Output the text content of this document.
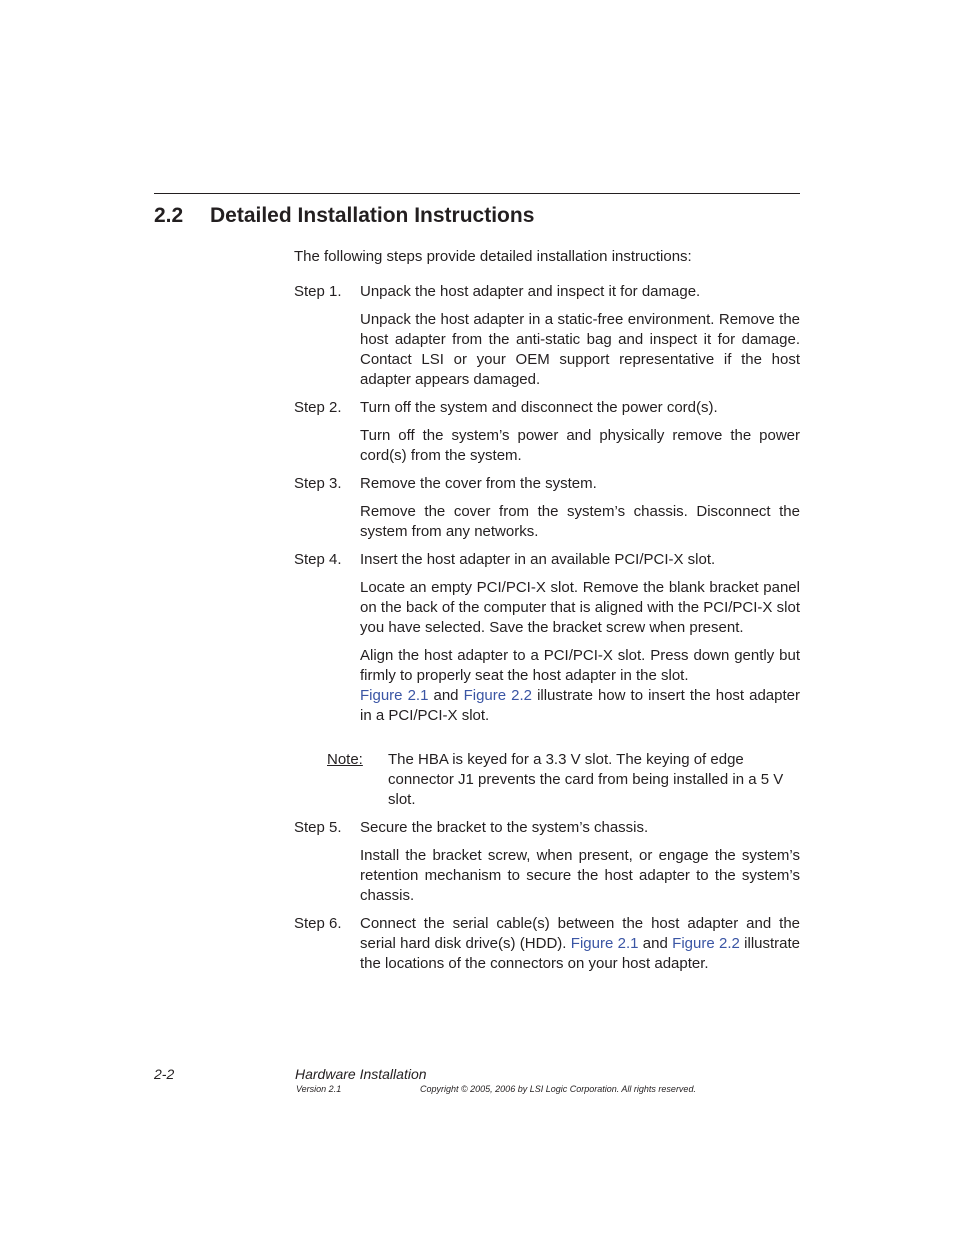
2.2 Detailed Installation Instructions

The following steps provide detailed installation instructions:

Step 1.	Unpack the host adapter and inspect it for damage.

Unpack the host adapter in a static-free environment. Remove the host adapter from the anti-static bag and inspect it for damage. Contact LSI or your OEM support representative if the host adapter appears damaged.

Step 2.	Turn off the system and disconnect the power cord(s).

Turn off the system’s power and physically remove the power cord(s) from the system.

Step 3.	Remove the cover from the system.

Remove the cover from the system’s chassis. Disconnect the system from any networks.

Step 4.	Insert the host adapter in an available PCI/PCI-X slot.

Locate an empty PCI/PCI-X slot. Remove the blank bracket panel on the back of the computer that is aligned with the PCI/PCI-X slot you have selected. Save the bracket screw when present.

Align the host adapter to a PCI/PCI-X slot. Press down gently but firmly to properly seat the host adapter in the slot.
Figure 2.1 and Figure 2.2 illustrate how to insert the host adapter in a PCI/PCI-X slot.

Note: The HBA is keyed for a 3.3 V slot. The keying of edge connector J1 prevents the card from being installed in a 5 V slot.

Step 5.	Secure the bracket to the system’s chassis.

Install the bracket screw, when present, or engage the system’s retention mechanism to secure the host adapter to the system’s chassis.

Step 6.	Connect the serial cable(s) between the host adapter and the serial hard disk drive(s) (HDD). Figure 2.1 and Figure 2.2 illustrate the locations of the connectors on your host adapter.

2-2	Hardware Installation
Version 2.1	Copyright © 2005, 2006 by LSI Logic Corporation. All rights reserved.
